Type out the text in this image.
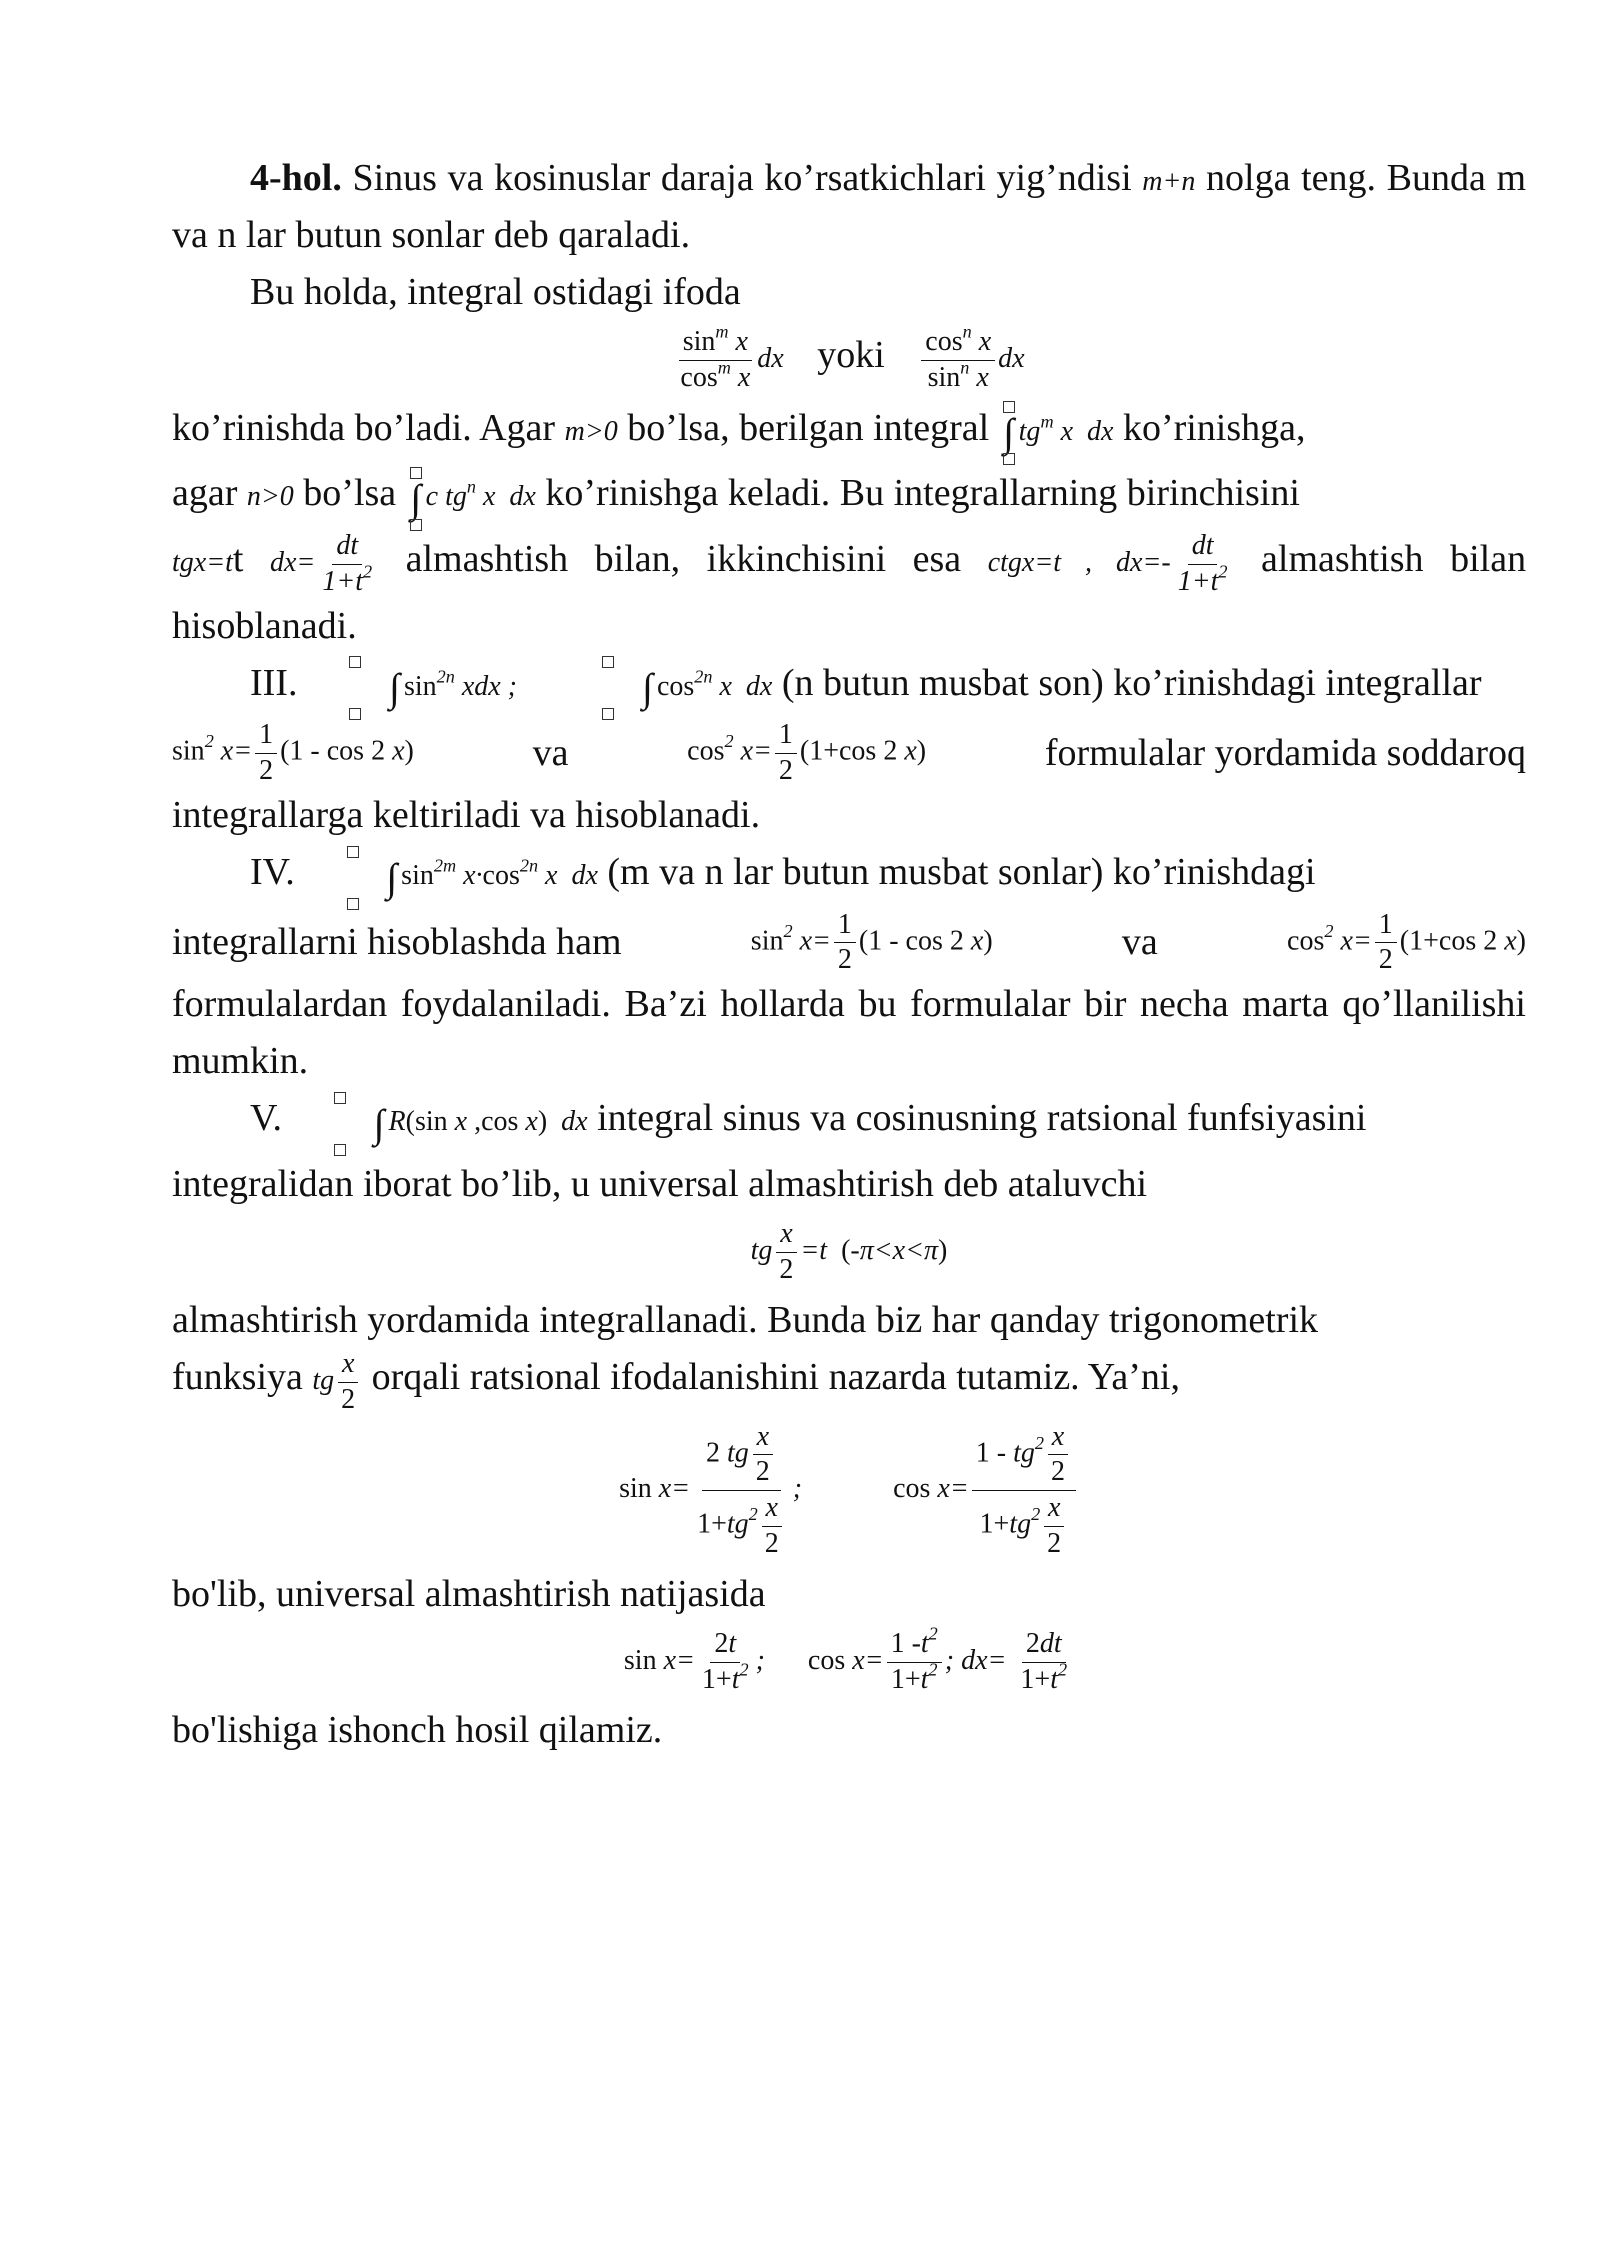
4-hol. Sinus va kosinuslar daraja ko’rsatkichlari yig’ndisi m+n nolga teng. Bunda m va n lar butun sonlar deb qaraladi.

Bu holda, integral ostidagi ifoda

$\frac{\sin^m x}{\cos^m x}$ dx yoki $\frac{\cos^n x}{\sin^n x}$ dx

ko’rinishda bo’ladi. Agar m>0 bo’lsa, berilgan integral ∫ $tg^m$ x  dx ko’rinishga,

agar n>0 bo’lsa ∫ c $tg^n$ x  dx ko’rinishga keladi. Bu integrallarning birinchisini

tgx=tt $dx= \frac{dt}{1+t^2}$ almashtish bilan, ikkinchisini esa ctgx=t , $dx=- \frac{dt}{1+t^2}$ almashtish bilan hisoblanadi.

III.	∫ $\sin^{2n}$ xdx ;	∫ $\cos^{2n} x$  dx (n butun musbat son) ko’rinishdagi integrallar

$\sin^2 x= \frac{1}{2} (1 - \cos 2$ x)	va	$\cos^2 x= \frac{1}{2} (1+\cos$ 2 x)	formulalar yordamida soddaroq

integrallarga keltiriladi va hisoblanadi.

IV.	∫ $\sin^{2m} x\cdot\cos^{2n}$ x  dx (m va n lar butun musbat sonlar) ko’rinishdagi

integrallarni hisoblashda ham	$\sin^2 x= \frac{1}{2} (1 - \cos 2$ x)	va	$\cos^2 x= \frac{1}{2} (1+\cos$ 2 x)

formulalardan foydalaniladi. Ba’zi hollarda bu formulalar bir necha marta qo’llanilishi mumkin.

V.	∫ R(sin x ,cos x)  dx integral sinus va cosinusning ratsional funfsiyasini

integralidan iborat bo’lib, u universal almashtirish deb ataluvchi

tg $\frac{x}{2} =t$  (-π<x<π)

almashtirish yordamida integrallanadi. Bunda biz har qanday trigonometrik

funksiya tg $\frac{x}{2}$ orqali ratsional ifodalanishini nazarda tutamiz. Ya’ni,

$\sin x= \frac{2 tg \frac{x}{2}}{1+tg^2 \frac{x}{2}}$ ;	$\cos x= \frac{1 - tg^2 \frac{x}{2}}{1+tg^2 \frac{x}{2}}$

bo'lib, universal almashtirish natijasida

$\sin x= \frac{2t}{1+t^2}$ ; $\cos x= \frac{1 -t^2}{1+t^2}$ ; $dx= \frac{2dt}{1+t^2}$

bo'lishiga ishonch hosil qilamiz.
